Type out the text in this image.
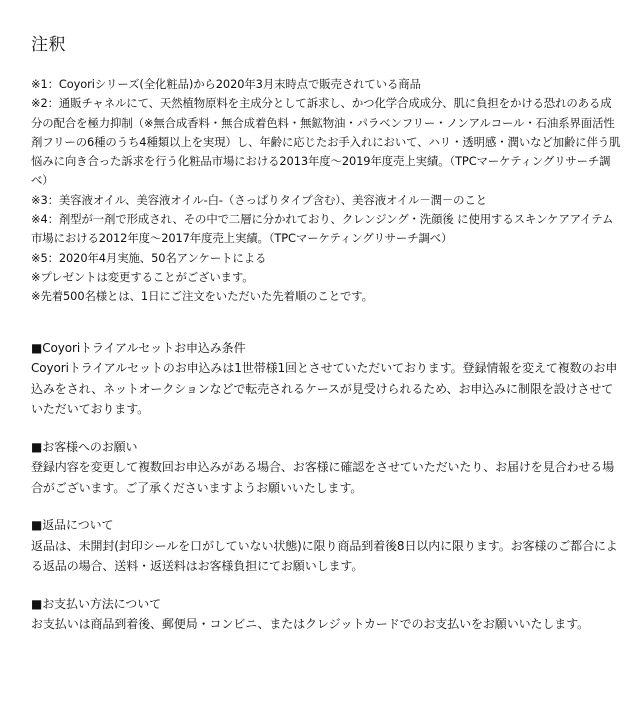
注釈

※1：Coyoriシリーズ(全化粧品)から2020年3月末時点で販売されている商品

※2：通販チャネルにて、天然植物原料を主成分として訴求し、かつ化学合成成分、肌に負担をかける恐れのある成分の配合を極力抑制（※無合成香料・無合成着色料・無鉱物油・パラベンフリー・ノンアルコール・石油系界面活性剤フリーの6種のうち4種類以上を実現）し、年齢に応じたお手入れにおいて、ハリ・透明感・潤いなど加齢に伴う肌悩みに向き合った訴求を行う化粧品市場における2013年度～2019年度売上実績。（TPCマーケティングリサーチ調べ）

※3：美容液オイル、美容液オイル-白-（さっぱりタイプ含む）、美容液オイル－潤－のこと

※4：剤型が一剤で形成され、その中で二層に分かれており、クレンジング・洗顔後 に使用するスキンケアアイテム市場における2012年度～2017年度売上実績。（TPCマーケティングリサーチ調べ）

※5：2020年4月実施、50名アンケートによる

※プレゼントは変更することがございます。

※先着500名様とは、1日にご注文をいただいた先着順のことです。

■Coyoriトライアルセットお申込み条件
Coyoriトライアルセットのお申込みは1世帯様1回とさせていただいております。登録情報を変えて複数のお申込みをされ、ネットオークションなどで転売されるケースが見受けられるため、お申込みに制限を設けさせていただいております。
■お客様へのお願い
登録内容を変更して複数回お申込みがある場合、お客様に確認をさせていただいたり、お届けを見合わせる場合がございます。ご了承くださいますようお願いいたします。
■返品について
返品は、未開封(封印シールを口がしていない状態)に限り商品到着後8日以内に限ります。お客様のご都合による返品の場合、送料・返送料はお客様負担にてお願いします。
■お支払い方法について
お支払いは商品到着後、郵便局・コンビニ、またはクレジットカードでのお支払いをお願いいたします。
